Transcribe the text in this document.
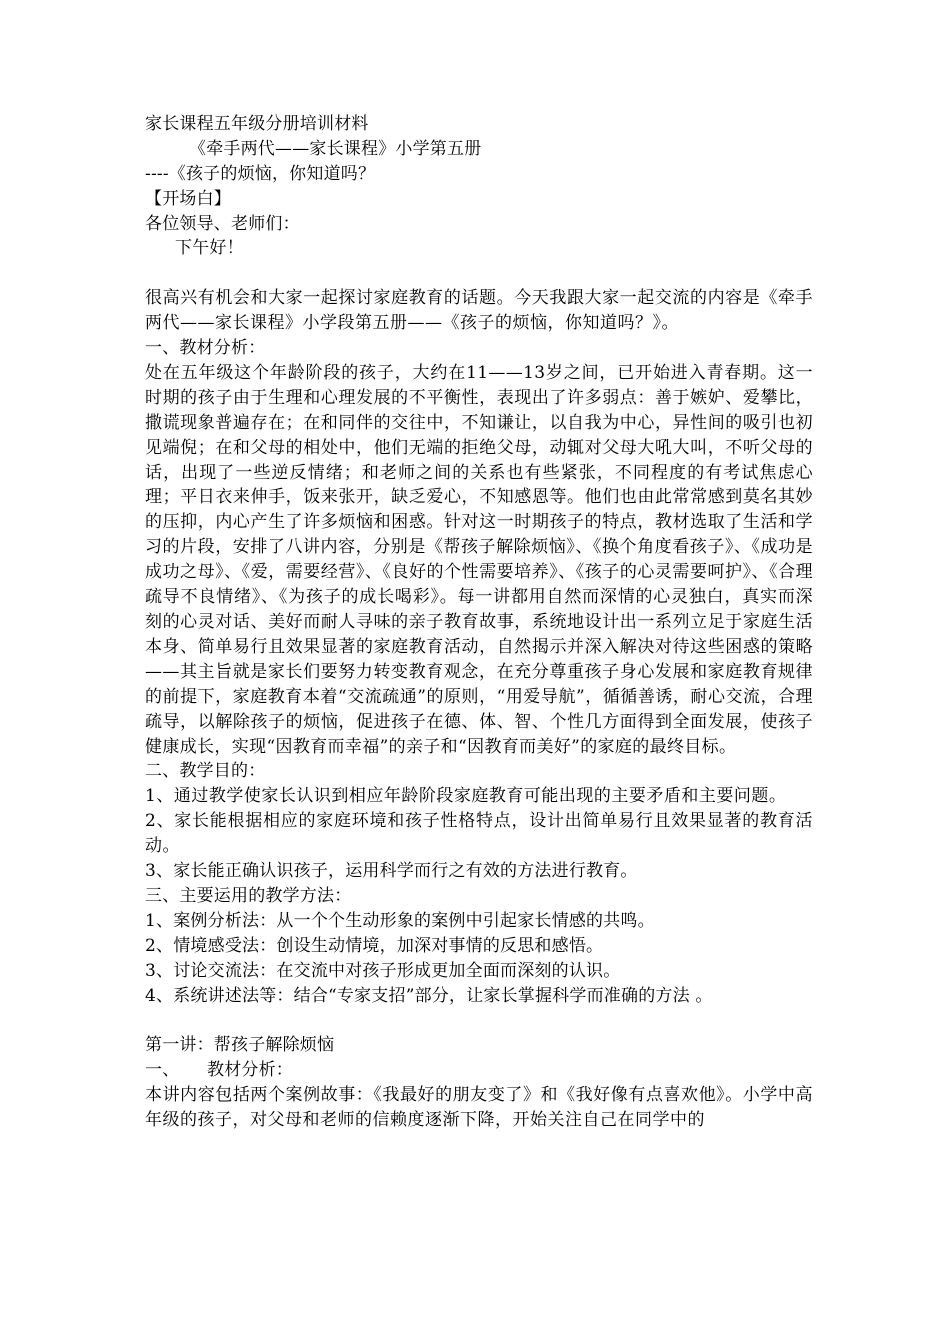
家长课程五年级分册培训材料
《牵手两代——家长课程》小学第五册
----《孩子的烦恼，你知道吗？
【开场白】
各位领导、老师们：
下午好！

很高兴有机会和大家一起探讨家庭教育的话题。今天我跟大家一起交流的内容是《牵手两代——家长课程》小学段第五册——《孩子的烦恼，你知道吗？》。

一、教材分析：

处在五年级这个年龄阶段的孩子，大约在11——13岁之间，已开始进入青春期。这一时期的孩子由于生理和心理发展的不平衡性，表现出了许多弱点：善于嫉妒、爱攀比，撒谎现象普遍存在；在和同伴的交往中，不知谦让，以自我为中心，异性间的吸引也初见端倪；在和父母的相处中，他们无端的拒绝父母，动辄对父母大吼大叫，不听父母的话，出现了一些逆反情绪；和老师之间的关系也有些紧张，不同程度的有考试焦虑心理；平日衣来伸手，饭来张开，缺乏爱心，不知感恩等。他们也由此常常感到莫名其妙的压抑，内心产生了许多烦恼和困惑。针对这一时期孩子的特点，教材选取了生活和学习的片段，安排了八讲内容，分别是《帮孩子解除烦恼》、《换个角度看孩子》、《成功是成功之母》、《爱，需要经营》、《良好的个性需要培养》、《孩子的心灵需要呵护》、《合理疏导不良情绪》、《为孩子的成长喝彩》。每一讲都用自然而深情的心灵独白，真实而深刻的心灵对话、美好而耐人寻味的亲子教育故事，系统地设计出一系列立足于家庭生活本身、简单易行且效果显著的家庭教育活动，自然揭示并深入解决对待这些困惑的策略——其主旨就是家长们要努力转变教育观念，在充分尊重孩子身心发展和家庭教育规律的前提下，家庭教育本着“交流疏通”的原则，“用爱导航”，循循善诱，耐心交流，合理疏导，以解除孩子的烦恼，促进孩子在德、体、智、个性几方面得到全面发展，使孩子健康成长，实现“因教育而幸福”的亲子和“因教育而美好”的家庭的最终目标。

二、教学目的：

1、通过教学使家长认识到相应年龄阶段家庭教育可能出现的主要矛盾和主要问题。

2、家长能根据相应的家庭环境和孩子性格特点，设计出简单易行且效果显著的教育活动。

3、家长能正确认识孩子，运用科学而行之有效的方法进行教育。
三、主要运用的教学方法：
1、案例分析法：从一个个生动形象的案例中引起家长情感的共鸣。
2、情境感受法：创设生动情境，加深对事情的反思和感悟。
3、讨论交流法：在交流中对孩子形成更加全面而深刻的认识。
4、系统讲述法等：结合“专家支招”部分，让家长掌握科学而准确的方法 。
第一讲：帮孩子解除烦恼
一、 教材分析：

本讲内容包括两个案例故事：《我最好的朋友变了》和《我好像有点喜欢他》。小学中高年级的孩子，对父母和老师的信赖度逐渐下降，开始关注自己在同学中的
